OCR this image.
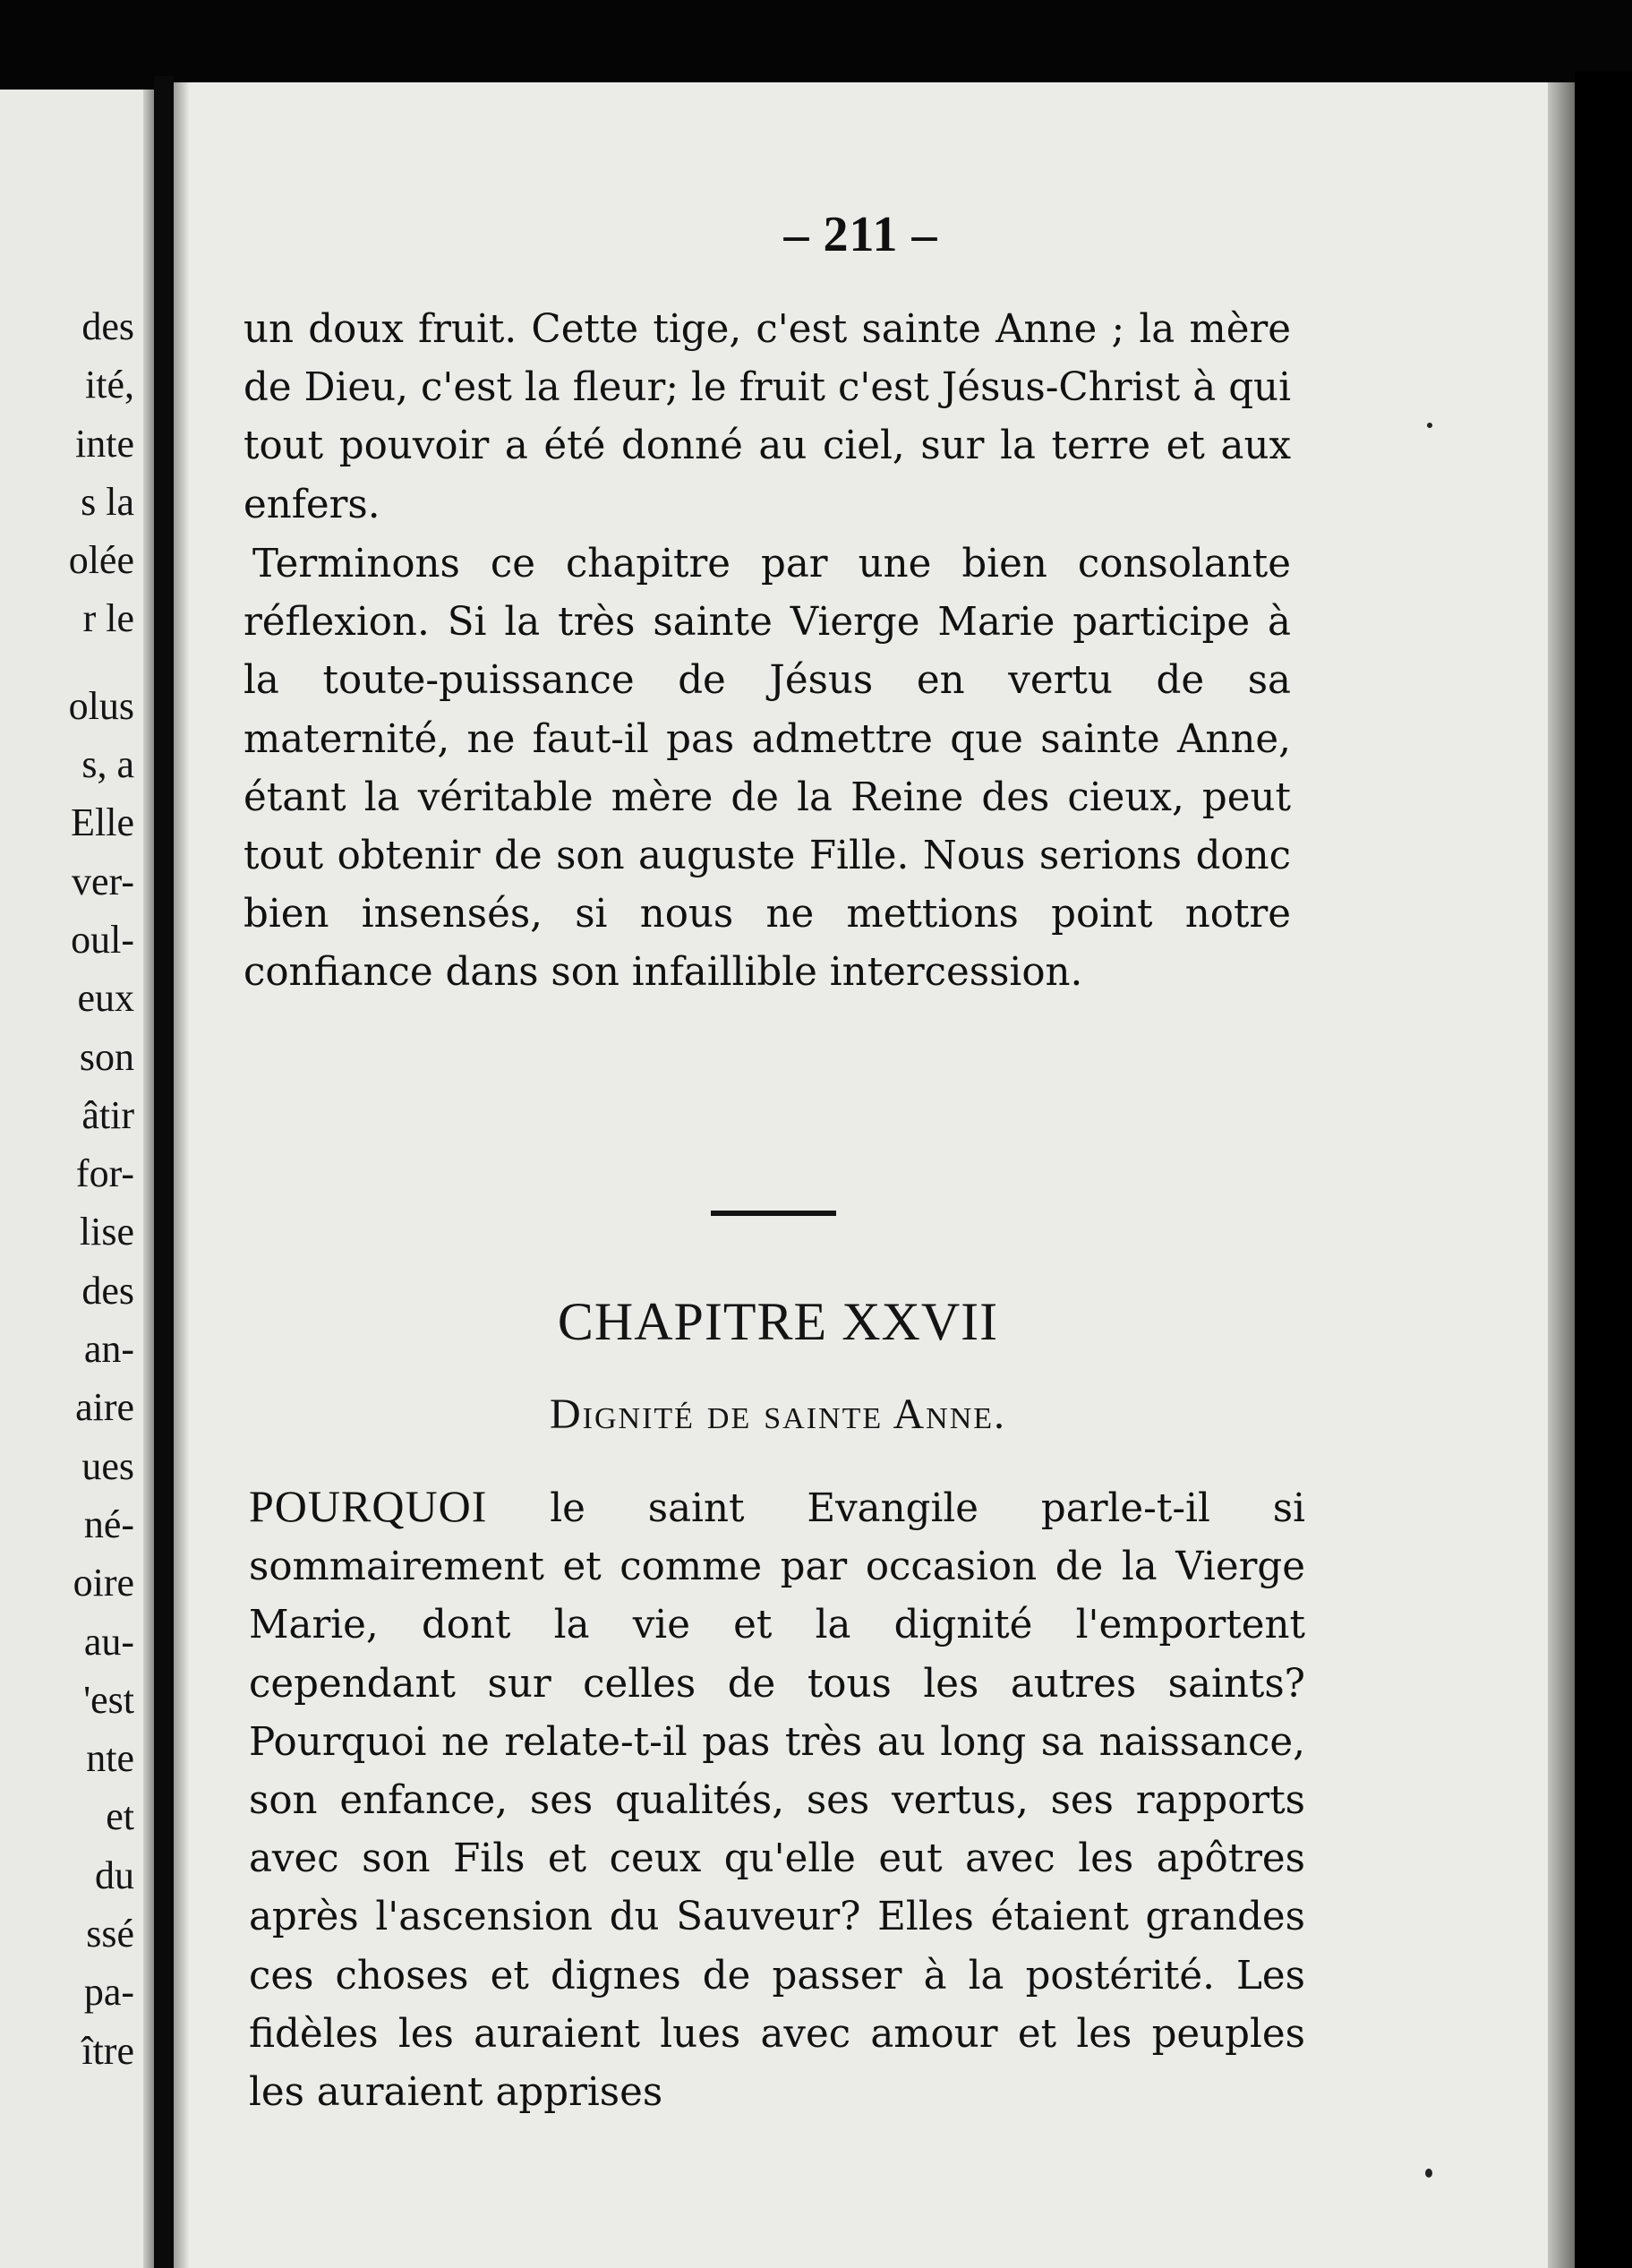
des
ité,
inte
s la
olée
r le

olus
s, a
Elle
ver-
oul-
eux
son
âtir
for-
lise
des
an-
aire
ues
né-
oire
au-
'est
nte
et
du
ssé
pa-
ître
– 211 –

un doux fruit. Cette tige, c'est sainte Anne ; la mère de Dieu, c'est la fleur; le fruit c'est Jésus-Christ à qui tout pouvoir a été donné au ciel, sur la terre et aux enfers.

Terminons ce chapitre par une bien consolante réflexion. Si la très sainte Vierge Marie participe à la toute-puissance de Jésus en vertu de sa maternité, ne faut-il pas admettre que sainte Anne, étant la véritable mère de la Reine des cieux, peut tout obtenir de son auguste Fille. Nous serions donc bien insensés, si nous ne mettions point notre confiance dans son infaillible intercession.

CHAPITRE XXVII
Dignité de sainte Anne.

POURQUOI le saint Evangile parle-t-il si sommairement et comme par occasion de la Vierge Marie, dont la vie et la dignité l'emportent cependant sur celles de tous les autres saints? Pourquoi ne relate-t-il pas très au long sa naissance, son enfance, ses qualités, ses vertus, ses rapports avec son Fils et ceux qu'elle eut avec les apôtres après l'ascension du Sauveur? Elles étaient grandes ces choses et dignes de passer à la postérité. Les fidèles les auraient lues avec amour et les peuples les auraient apprises
